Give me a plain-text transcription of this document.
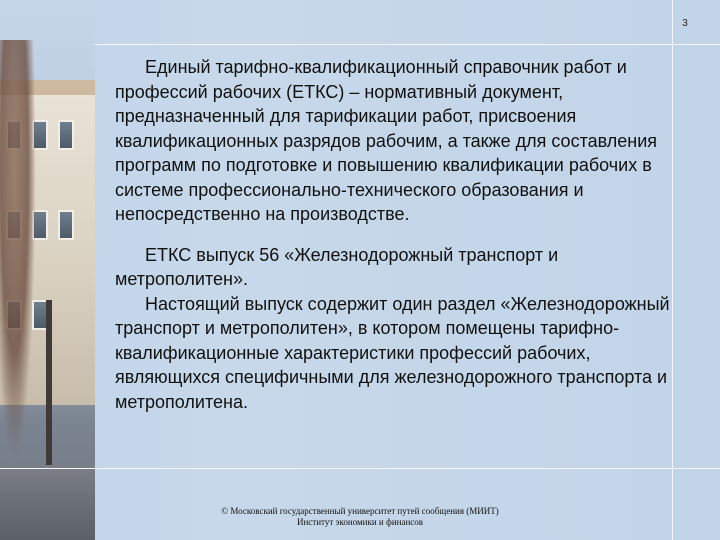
3

Единый тарифно-квалификационный справочник работ и профессий рабочих (ЕТКС) – нормативный документ, предназначенный для тарификации работ, присвоения квалификационных разрядов рабочим, а также для составления программ по подготовке и повышению квалификации рабочих в системе профессионально-технического образования и непосредственно на производстве.

ЕТКС выпуск 56 «Железнодорожный транспорт и метрополитен».

Настоящий выпуск содержит один раздел «Железнодорожный транспорт и метрополитен», в котором помещены тарифно-квалификационные характеристики профессий рабочих, являющихся специфичными для железнодорожного транспорта и метрополитена.

© Московский государственный университет путей сообщения (МИИТ)
Институт экономики и финансов
